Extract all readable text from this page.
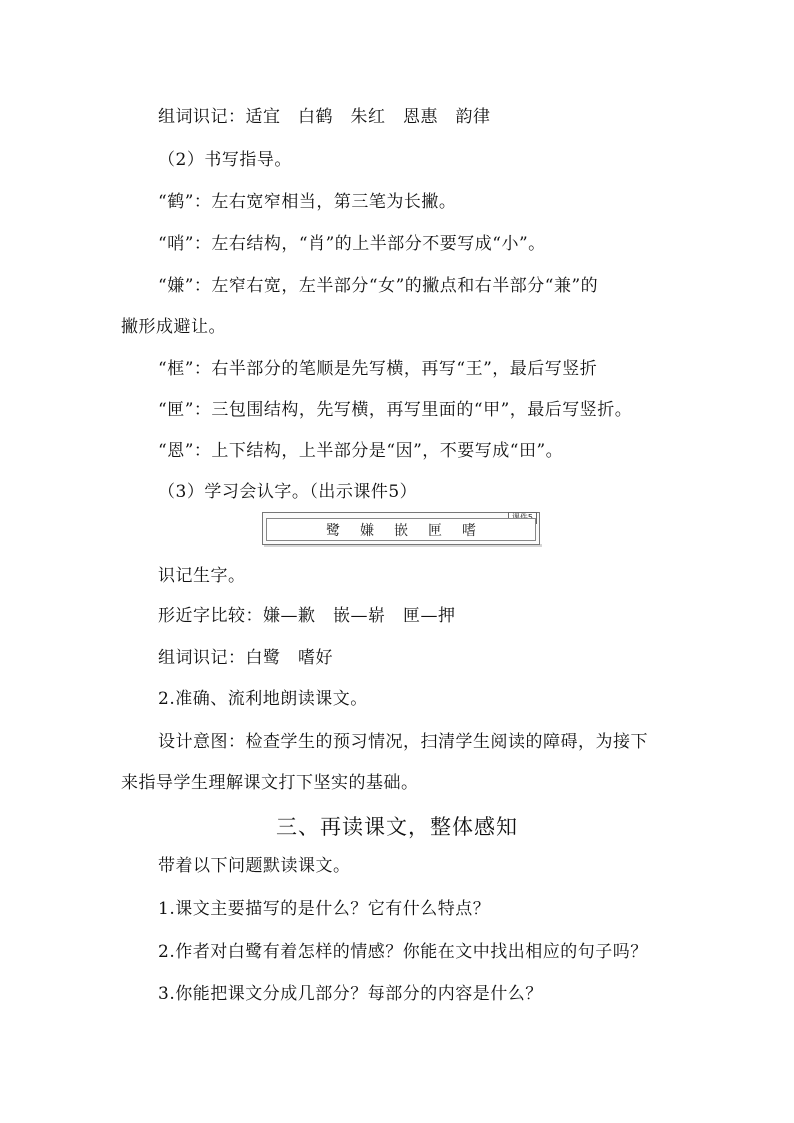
组词识记：适宜　白鹤　朱红　恩惠　韵律
（2）书写指导。
“鹤”：左右宽窄相当，第三笔为长撇。
“哨”：左右结构，“肖”的上半部分不要写成“小”。
“嫌”：左窄右宽，左半部分“女”的撇点和右半部分“兼”的
撇形成避让。
“框”：右半部分的笔顺是先写横，再写“王”，最后写竖折
“匣”：三包围结构，先写横，再写里面的“甲”，最后写竖折。
“恩”：上下结构，上半部分是“因”，不要写成“田”。
（3）学习会认字。（出示课件5）
鹭 嫌 嵌 匣 嗜
识记生字。
形近字比较：嫌—歉　嵌—崭　匣—押
组词识记：白鹭　嗜好
2.准确、流利地朗读课文。
设计意图：检查学生的预习情况，扫清学生阅读的障碍，为接下
来指导学生理解课文打下坚实的基础。
三、再读课文，整体感知
带着以下问题默读课文。
1.课文主要描写的是什么？它有什么特点？
2.作者对白鹭有着怎样的情感？你能在文中找出相应的句子吗？
3.你能把课文分成几部分？每部分的内容是什么？
